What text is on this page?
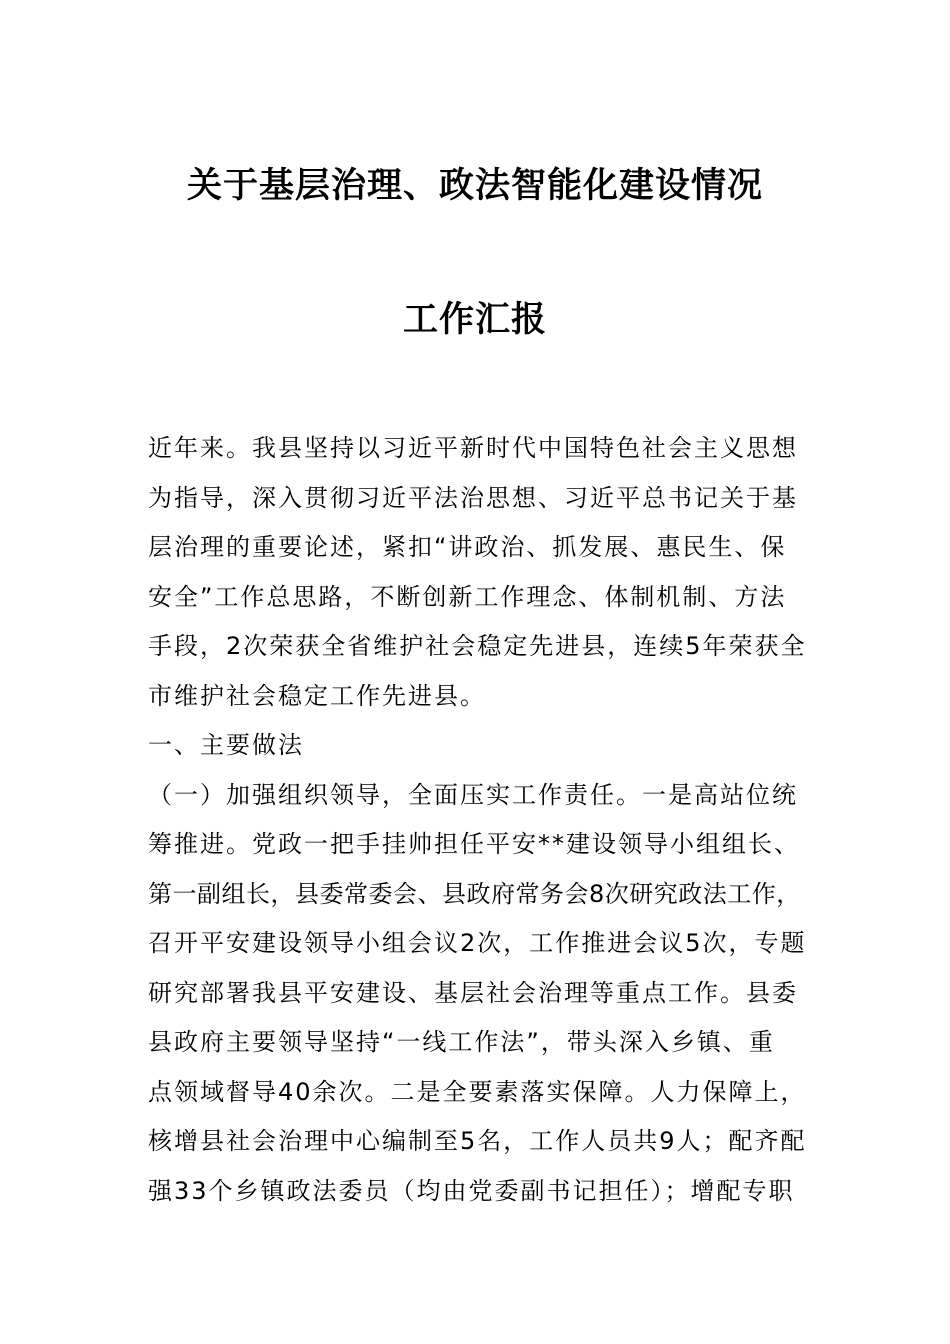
关于基层治理、政法智能化建设情况
工作汇报
近年来。我县坚持以习近平新时代中国特色社会主义思想
为指导，深入贯彻习近平法治思想、习近平总书记关于基
层治理的重要论述，紧扣“讲政治、抓发展、惠民生、保
安全”工作总思路，不断创新工作理念、体制机制、方法
手段，2次荣获全省维护社会稳定先进县，连续5年荣获全
市维护社会稳定工作先进县。
一、主要做法
（一）加强组织领导，全面压实工作责任。一是高站位统
筹推进。党政一把手挂帅担任平安**建设领导小组组长、
第一副组长，县委常委会、县政府常务会8次研究政法工作，
召开平安建设领导小组会议2次，工作推进会议5次，专题
研究部署我县平安建设、基层社会治理等重点工作。县委
县政府主要领导坚持“一线工作法”，带头深入乡镇、重
点领域督导40余次。二是全要素落实保障。人力保障上，
核增县社会治理中心编制至5名，工作人员共9人；配齐配
强33个乡镇政法委员（均由党委副书记担任）；增配专职
